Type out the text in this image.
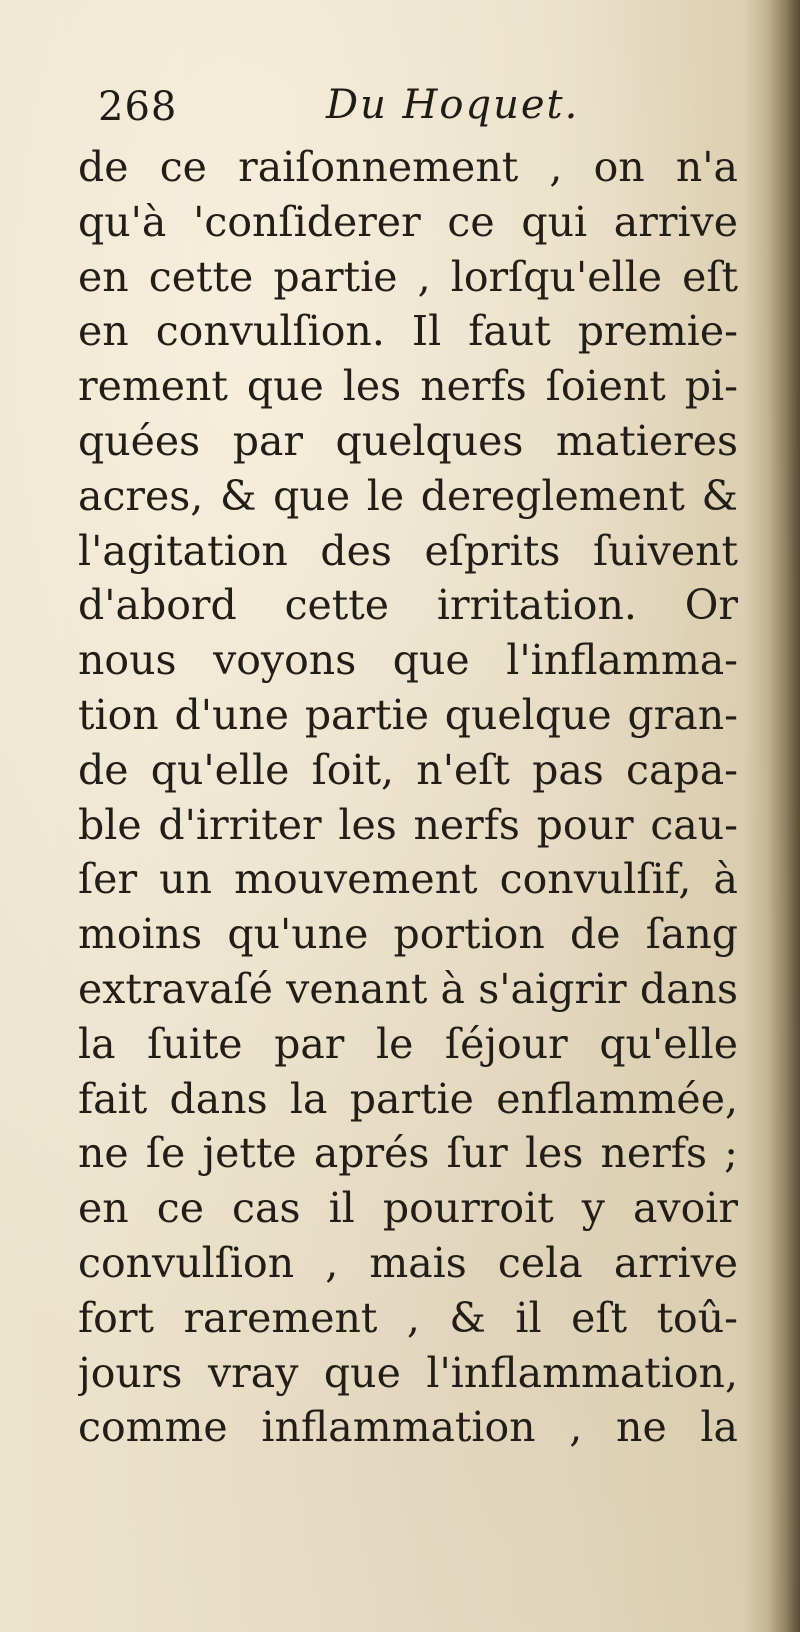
268	Du Hoquet.
de ce raiſonnement , on n'a
qu'à 'conſiderer ce qui arrive
en cette partie , lorſqu'elle eſt
en convulſion. Il faut premie-
rement que les nerfs ſoient pi-
quées par quelques matieres
acres, & que le dereglement &
l'agitation des eſprits ſuivent
d'abord cette irritation. Or
nous voyons que l'inflamma-
tion d'une partie quelque gran-
de qu'elle ſoit, n'eſt pas capa-
ble d'irriter les nerfs pour cau-
ſer un mouvement convulſif, à
moins qu'une portion de ſang
extravaſé venant à s'aigrir dans
la ſuite par le ſéjour qu'elle
fait dans la partie enflammée,
ne ſe jette aprés ſur les nerfs ;
en ce cas il pourroit y avoir
convulſion , mais cela arrive
fort rarement , & il eſt toû-
jours vray que l'inflammation,
comme inflammation , ne la
